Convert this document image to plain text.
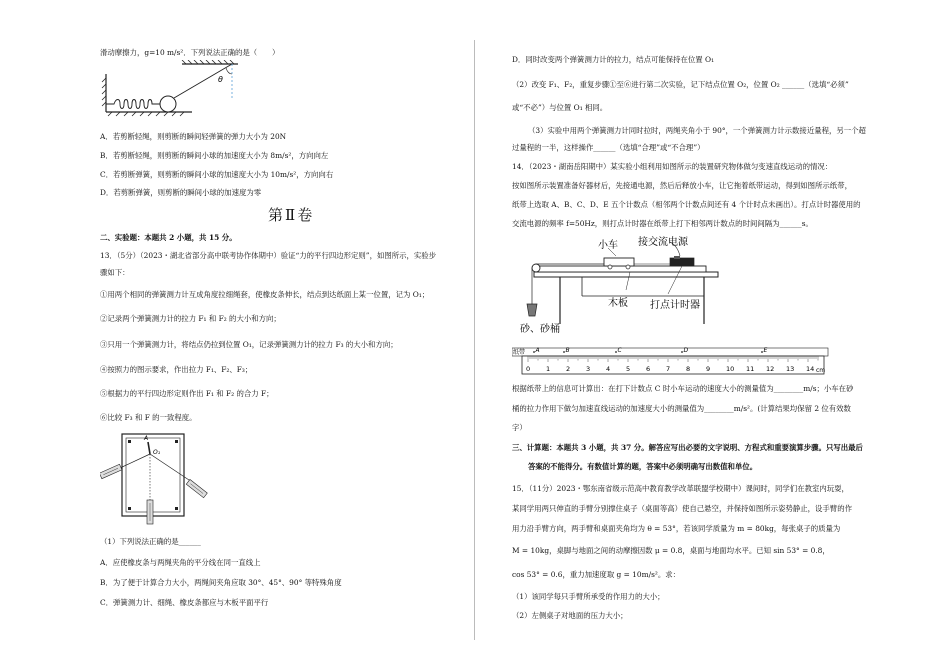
滑动摩擦力，g=10 m/s²．下列说法正确的是（　　）
θ
A．若剪断轻绳，则剪断的瞬间轻弹簧的弹力大小为 20N
B．若剪断轻绳，则剪断的瞬间小球的加速度大小为 8m/s²，方向向左
C．若剪断弹簧，则剪断的瞬间小球的加速度大小为 10m/s²，方向向右
D．若剪断弹簧，则剪断的瞬间小球的加速度为零
第Ⅱ卷
二、实验题：本题共 2 小题，共 15 分。
13．（5分）（2023・湖北省部分高中联考协作体期中）验证“力的平行四边形定则”，如图所示，实验步
骤如下：
①用两个相同的弹簧测力计互成角度拉细绳套，使橡皮条伸长，结点到达纸面上某一位置，记为 O₁；
②记录两个弹簧测力计的拉力 F₁ 和 F₂ 的大小和方向；
③只用一个弹簧测力计，将结点仍拉到位置 O₁，记录弹簧测力计的拉力 F₃ 的大小和方向；
④按照力的图示要求，作出拉力 F₁、F₂、F₃；
⑤根据力的平行四边形定则作出 F₁ 和 F₂ 的合力 F；
⑥比较 F₃ 和 F 的一致程度。
A
O₁
（1）下列说法正确的是______
A．应使橡皮条与两绳夹角的平分线在同一直线上
B．为了便于计算合力大小，两绳间夹角应取 30°、45°、90° 等特殊角度
C．弹簧测力计、细绳、橡皮条都应与木板平面平行
D．同时改变两个弹簧测力计的拉力，结点可能保持在位置 O₁
（2）改变 F₁、F₂，重复步骤①至⑥进行第二次实验，记下结点位置 O₂，位置 O₂ ______（选填“必须”
或“不必”）与位置 O₁ 相同。
（3）实验中用两个弹簧测力计同时拉时，两绳夹角小于 90°，一个弹簧测力计示数接近量程，另一个超
过量程的一半，这样操作______（选填“合理”或“不合理”）
14．（2023・湖南岳阳期中）某实验小组利用如图所示的装置研究物体做匀变速直线运动的情况：
按如图所示装置准备好器材后，先接通电源，然后后释放小车，让它拖着纸带运动，得到如图所示纸带，
纸带上选取 A、B、C、D、E 五个计数点（相邻两个计数点间还有 4 个计时点未画出）。打点计时器使用的
交流电源的频率 f=50Hz，则打点计时器在纸带上打下相邻两计数点的时间间隔为______s。
小车 接交流电源
木板 打点计时器
砂、砂桶
纸带 A	B	C	D	E
0 1 2 3 4 5 6 7 8 9 10 11 12 13 14 cm
根据纸带上的信息可计算出：在打下计数点 C 时小车运动的速度大小的测量值为________m/s；小车在砂
桶的拉力作用下做匀加速直线运动的加速度大小的测量值为________m/s²。(计算结果均保留 2 位有效数
字）
三、计算题：本题共 3 小题，共 37 分。解答应写出必要的文字说明、方程式和重要演算步骤。只写出最后
答案的不能得分。有数值计算的题，答案中必须明确写出数值和单位。
15．（11分）2023・鄂东南省级示范高中教育教学改革联盟学校期中）课间时，同学们在教室内玩耍，
某同学用两只伸直的手臂分别撑住桌子（桌面等高）使自己悬空，并保持如图所示姿势静止，设手臂的作
用力沿手臂方向，两手臂和桌面夹角均为 θ = 53°，若该同学质量为 m = 80kg，每张桌子的质量为
M = 10kg，桌脚与地面之间的动摩擦因数 μ = 0.8，桌面与地面均水平。已知 sin 53° = 0.8，
cos 53° = 0.6，重力加速度取 g = 10m/s²。求：
（1）该同学每只手臂所承受的作用力的大小；
（2）左侧桌子对地面的压力大小；
